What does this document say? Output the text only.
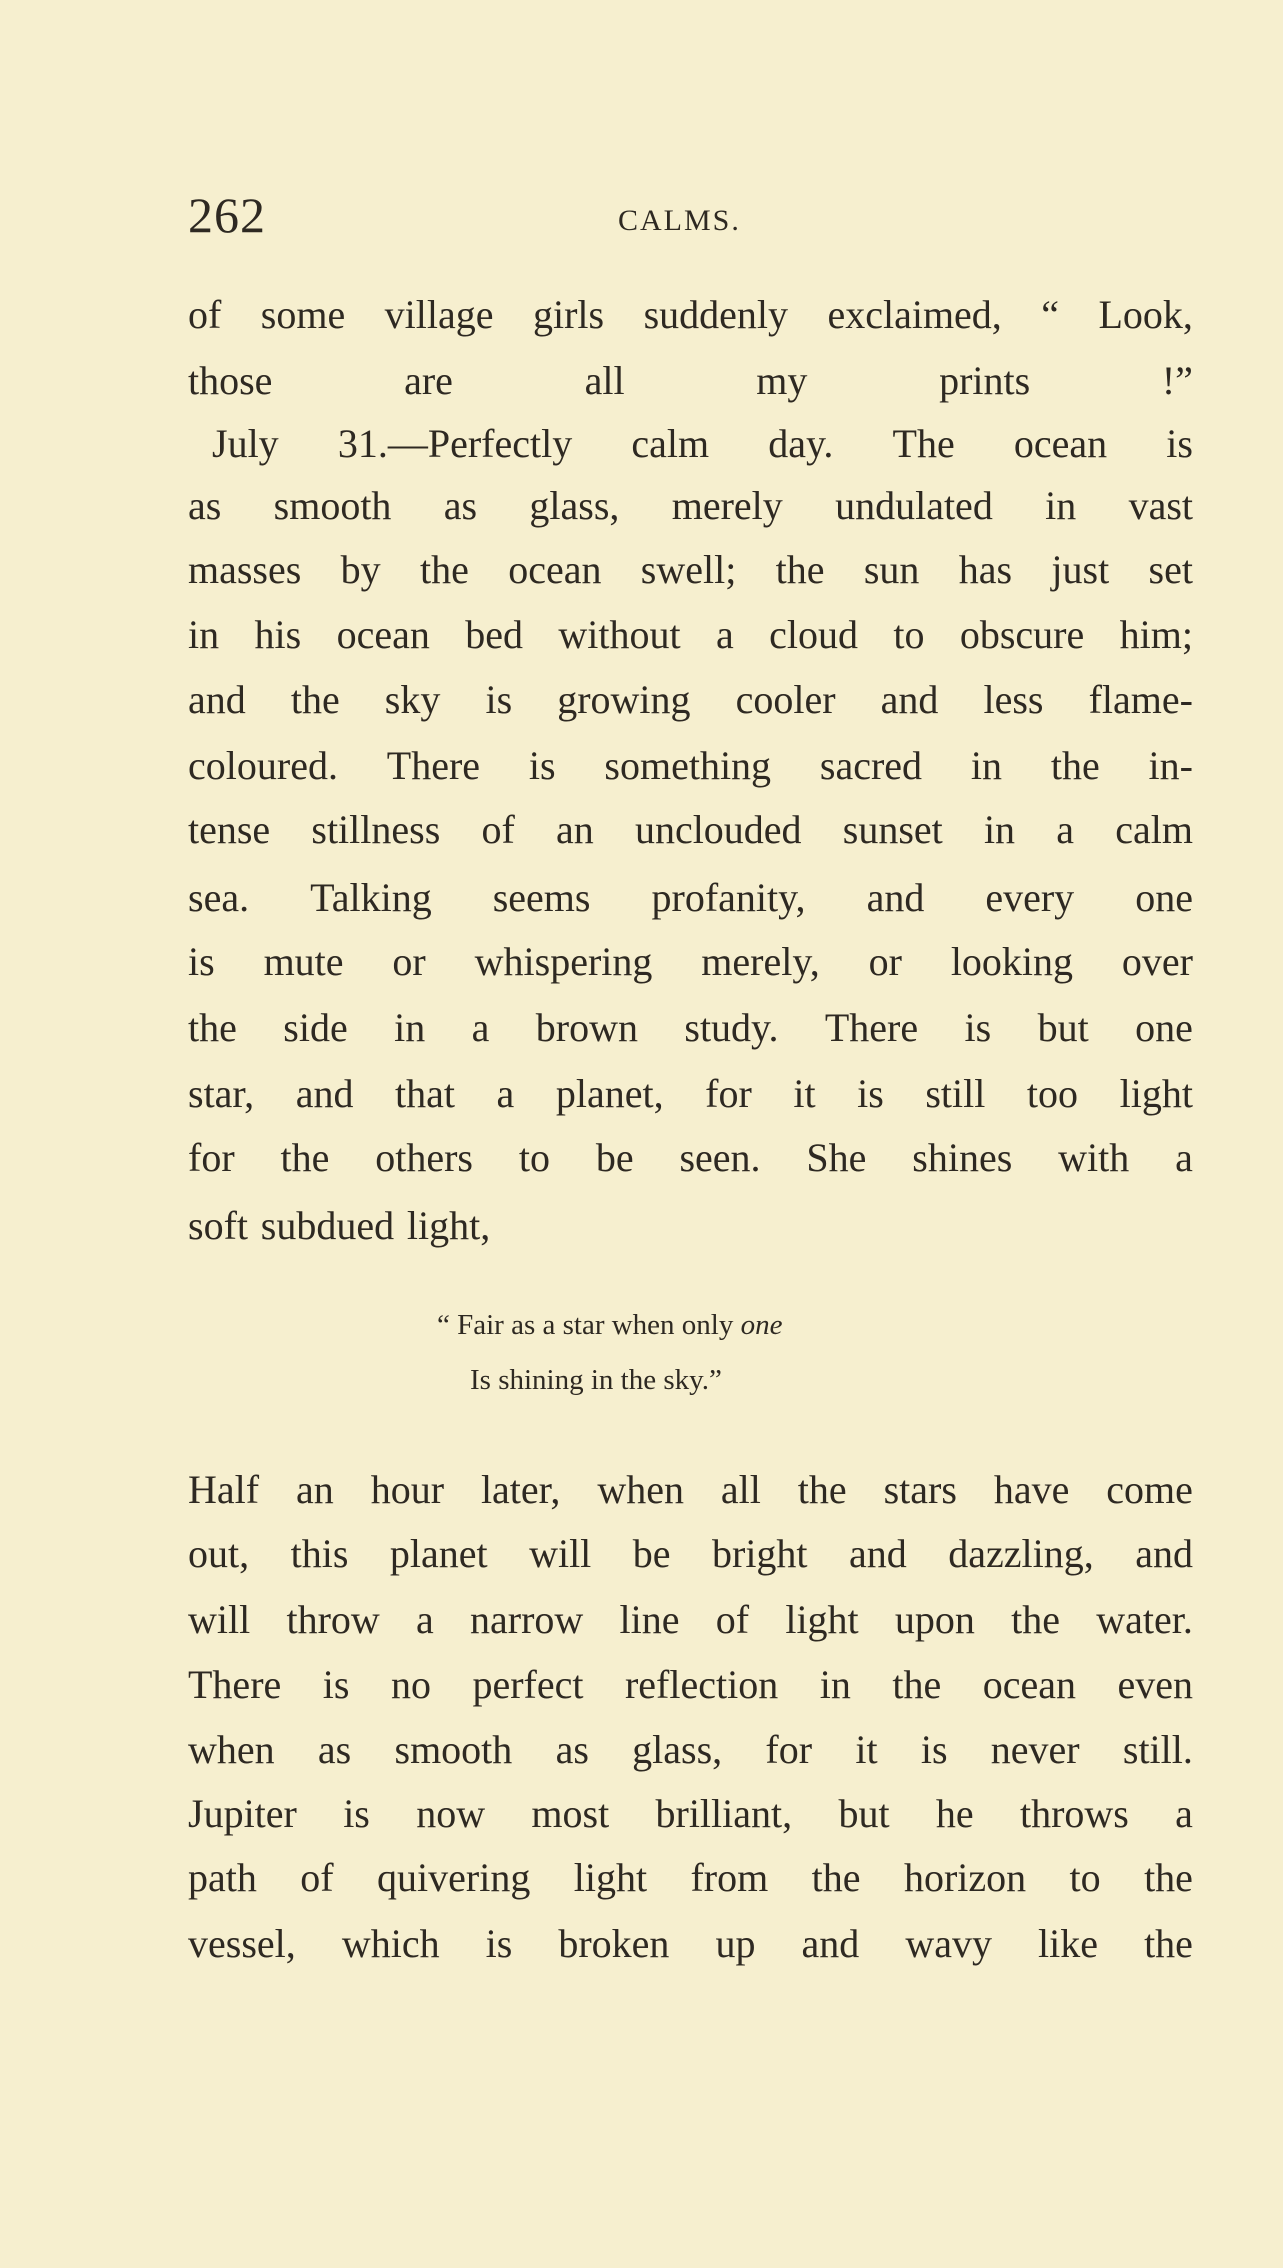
262	CALMS.
of some village girls suddenly exclaimed, “ Look,
those	are	all	my	prints	!”
July 31.—Perfectly calm day. The ocean is
as smooth as glass, merely undulated in vast
masses by the ocean swell; the sun has just set
in his ocean bed without a cloud to obscure him;
and the sky is growing cooler and less flame-
coloured. There is something sacred in the in-
tense stillness of an unclouded sunset in a calm
sea. Talking seems profanity, and every one
is mute or whispering merely, or looking over
the side in a brown study. There is but one
star, and that a planet, for it is still too light
for the others to be seen. She shines with a
soft subdued light,
Half an hour later, when all the stars have come
out, this planet will be bright and dazzling, and
will throw a narrow line of light upon the water.
There is no perfect reflection in the ocean even
when as smooth as glass, for it is never still.
Jupiter is now most brilliant, but he throws a
path of quivering light from the horizon to the
vessel, which is broken up and wavy like the
“ Fair as a star when only one
Is shining in the sky.”
